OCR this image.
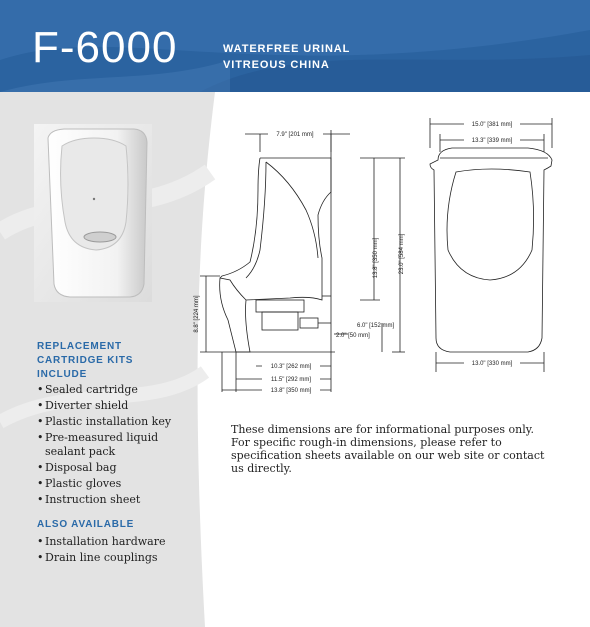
F-6000	WATERFREE URINAL
VITREOUS CHINA
REPLACEMENT
CARTRIDGE KITS
INCLUDE
• Sealed cartridge
• Diverter shield
• Plastic installation key
• Pre-measured liquid sealant pack
• Disposal bag
• Plastic gloves
• Instruction sheet
ALSO AVAILABLE
• Installation hardware
• Drain line couplings
7.9" [201 mm]
13.8" [350 mm]	23.0" [584 mm]
8.8" [224 mm]	6.0" [152 mm]
2.0" [50 mm]
10.3" [262 mm]
11.5" [292 mm]
13.8" [350 mm]
15.0" [381 mm]
13.3" [339 mm]
13.0" [330 mm]
These dimensions are for informational purposes only. For specific rough-in dimensions, please refer to specification sheets available on our web site or contact us directly.
